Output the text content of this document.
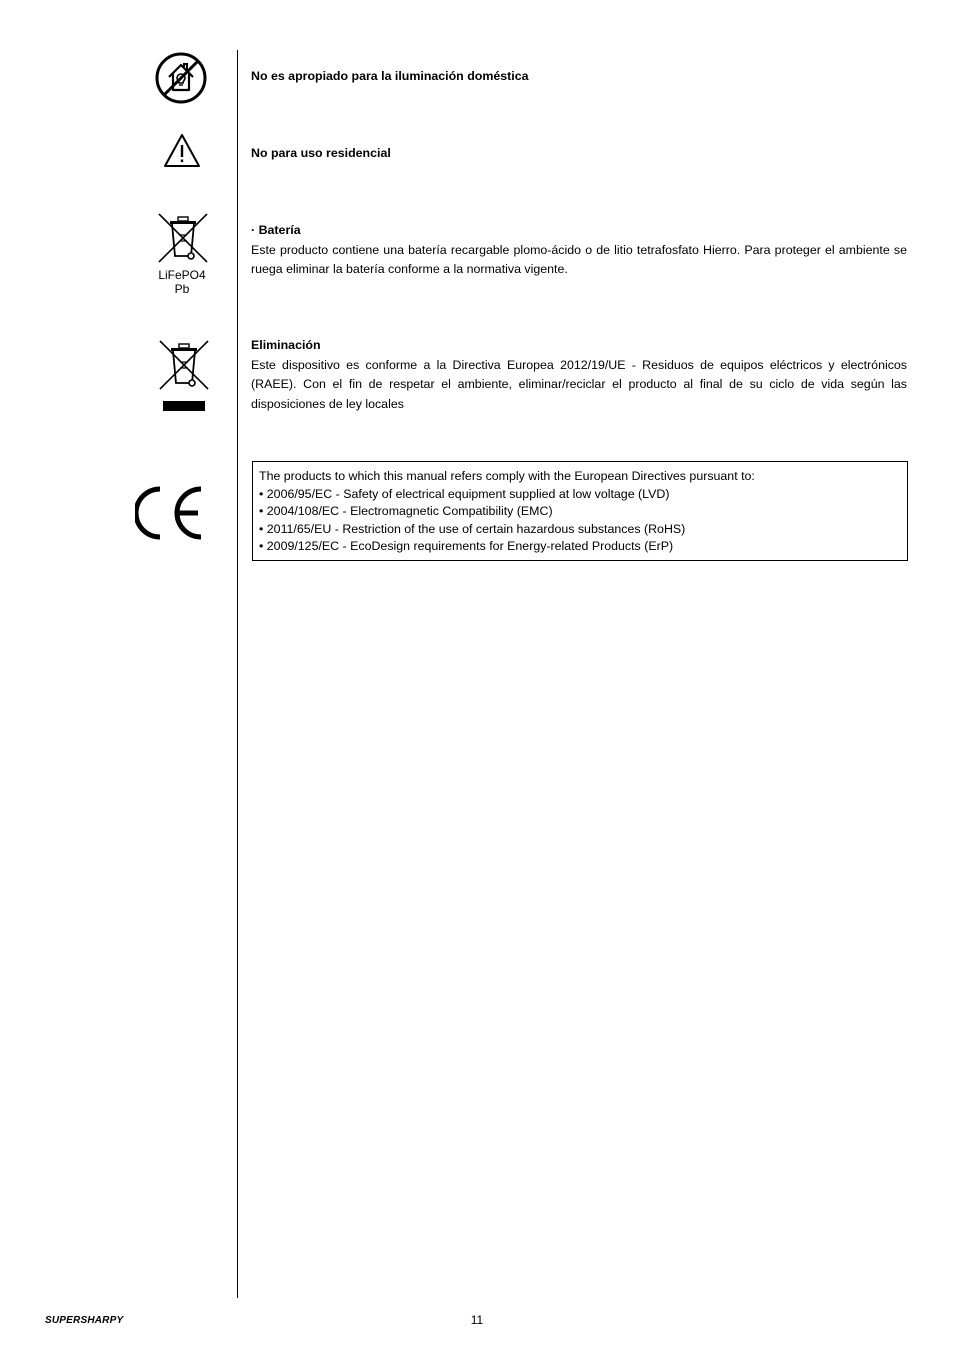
No es apropiado para la iluminación doméstica
No para uso residencial
LiFePO4
Pb
· Batería
Este producto contiene una batería recargable plomo-ácido o de litio tetrafosfato Hierro. Para proteger el ambiente se ruega eliminar la batería conforme a la normativa vigente.
Eliminación
Este dispositivo es conforme a la Directiva Europea 2012/19/UE - Residuos de equipos eléctricos y electrónicos (RAEE). Con el fin de respetar el ambiente, eliminar/reciclar el producto al final de su ciclo de vida según las disposiciones de ley locales
The products to which this manual refers comply with the European Directives pursuant to:
• 2006/95/EC - Safety of electrical equipment supplied at low voltage (LVD)
• 2004/108/EC - Electromagnetic Compatibility (EMC)
• 2011/65/EU - Restriction of the use of certain hazardous substances (RoHS)
• 2009/125/EC - EcoDesign requirements for Energy-related Products (ErP)
SUPERSHARPY	11
